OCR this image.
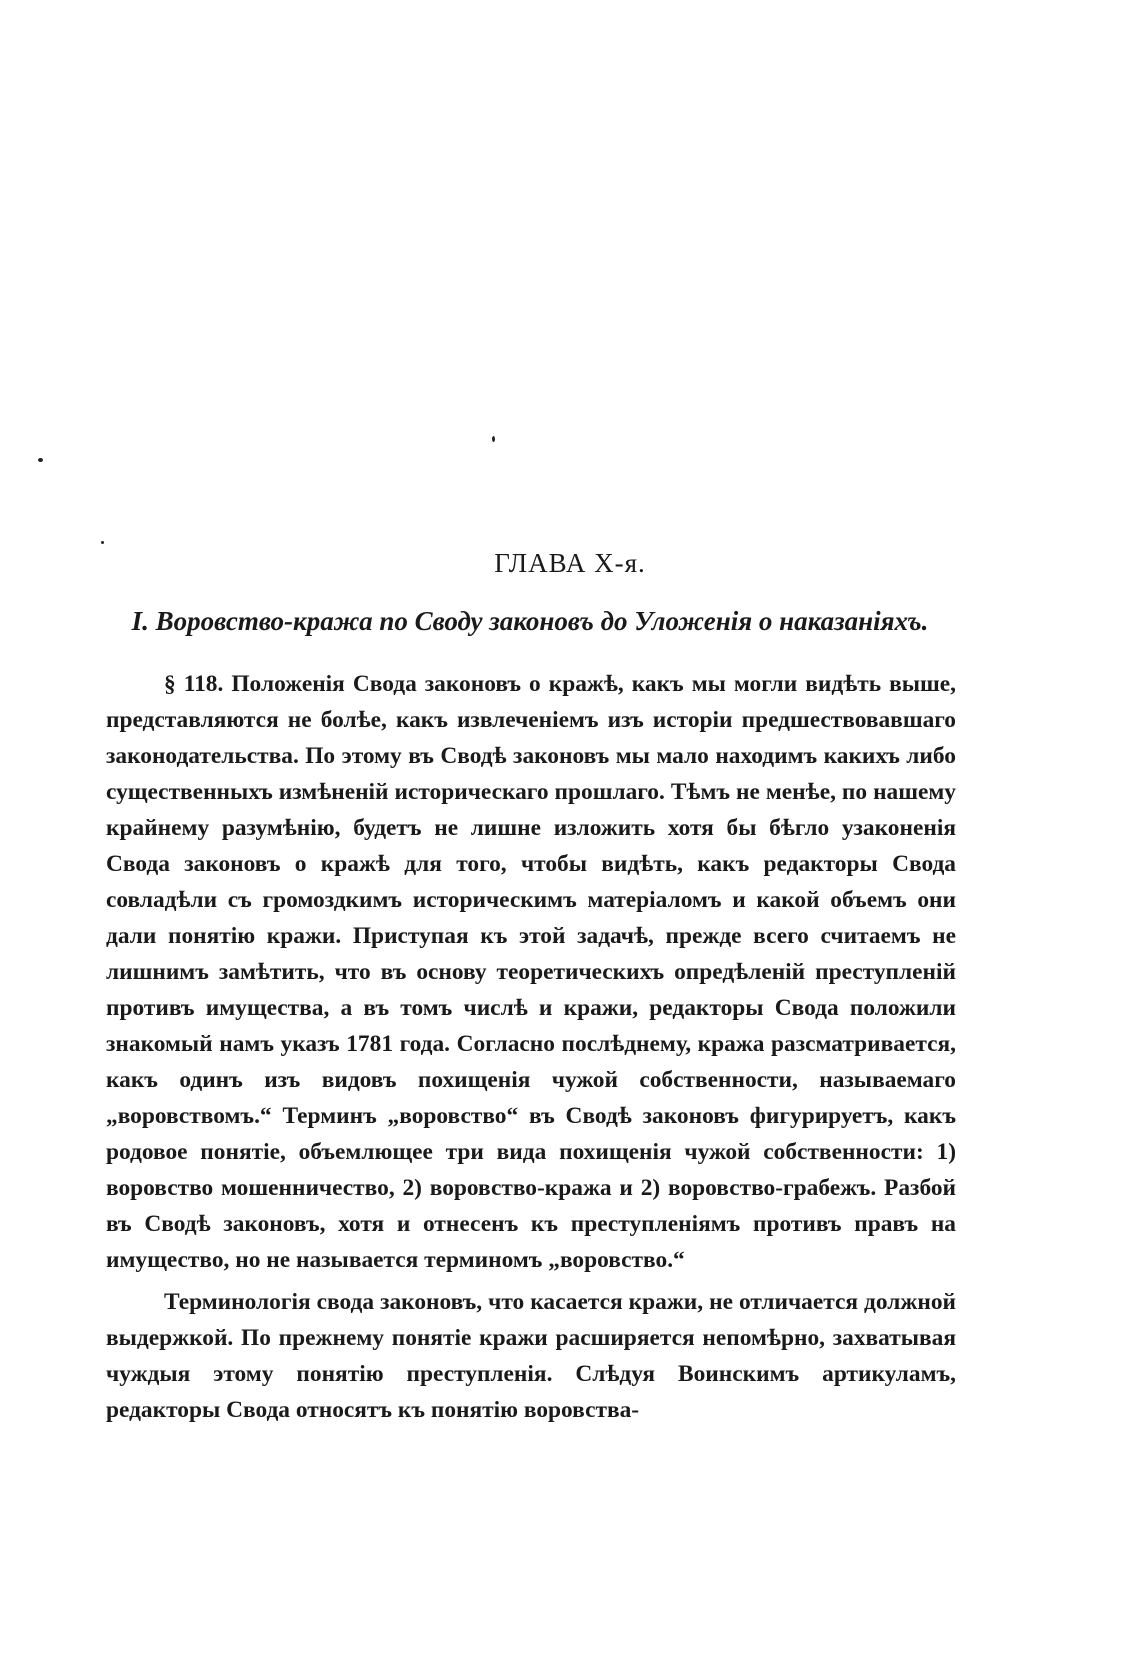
ГЛАВА X-я.
I. Воровство-кража по Своду законовъ до Уложенія о наказаніяхъ.

§ 118. Положенія Свода законовъ о кражѣ, какъ мы могли видѣть выше, представляются не болѣе, какъ извлеченіемъ изъ исторіи предшествовавшаго законодательства. По этому въ Сводѣ законовъ мы мало находимъ какихъ либо существенныхъ измѣненій историческаго прошлаго. Тѣмъ не менѣе, по нашему крайнему разумѣнію, будетъ не лишне изложить хотя бы бѣгло узаконенія Свода законовъ о кражѣ для того, чтобы видѣть, какъ редакторы Свода совладѣли съ громоздкимъ историческимъ матеріаломъ и какой объемъ они дали понятію кражи. Приступая къ этой задачѣ, прежде всего считаемъ не лишнимъ замѣтить, что въ основу теоретическихъ опредѣленій преступленій противъ имущества, а въ томъ числѣ и кражи, редакторы Свода положили знакомый намъ указъ 1781 года. Согласно послѣднему, кража разсматривается, какъ одинъ изъ видовъ похищенія чужой собственности, называемаго „воровствомъ.“ Терминъ „воровство“ въ Сводѣ законовъ фигурируетъ, какъ родовое понятіе, объемлющее три вида похищенія чужой собственности: 1) воровство мошенничество, 2) воровство-кража и 2) воровство-грабежъ. Разбой въ Сводѣ законовъ, хотя и отнесенъ къ преступленіямъ противъ правъ на имущество, но не называется терминомъ „воровство.“

Терминологія свода законовъ, что касается кражи, не отличается должной выдержкой. По прежнему понятіе кражи расширяется непомѣрно, захватывая чуждыя этому понятію преступленія. Слѣдуя Воинскимъ артикуламъ, редакторы Свода относятъ къ понятію воровства-
